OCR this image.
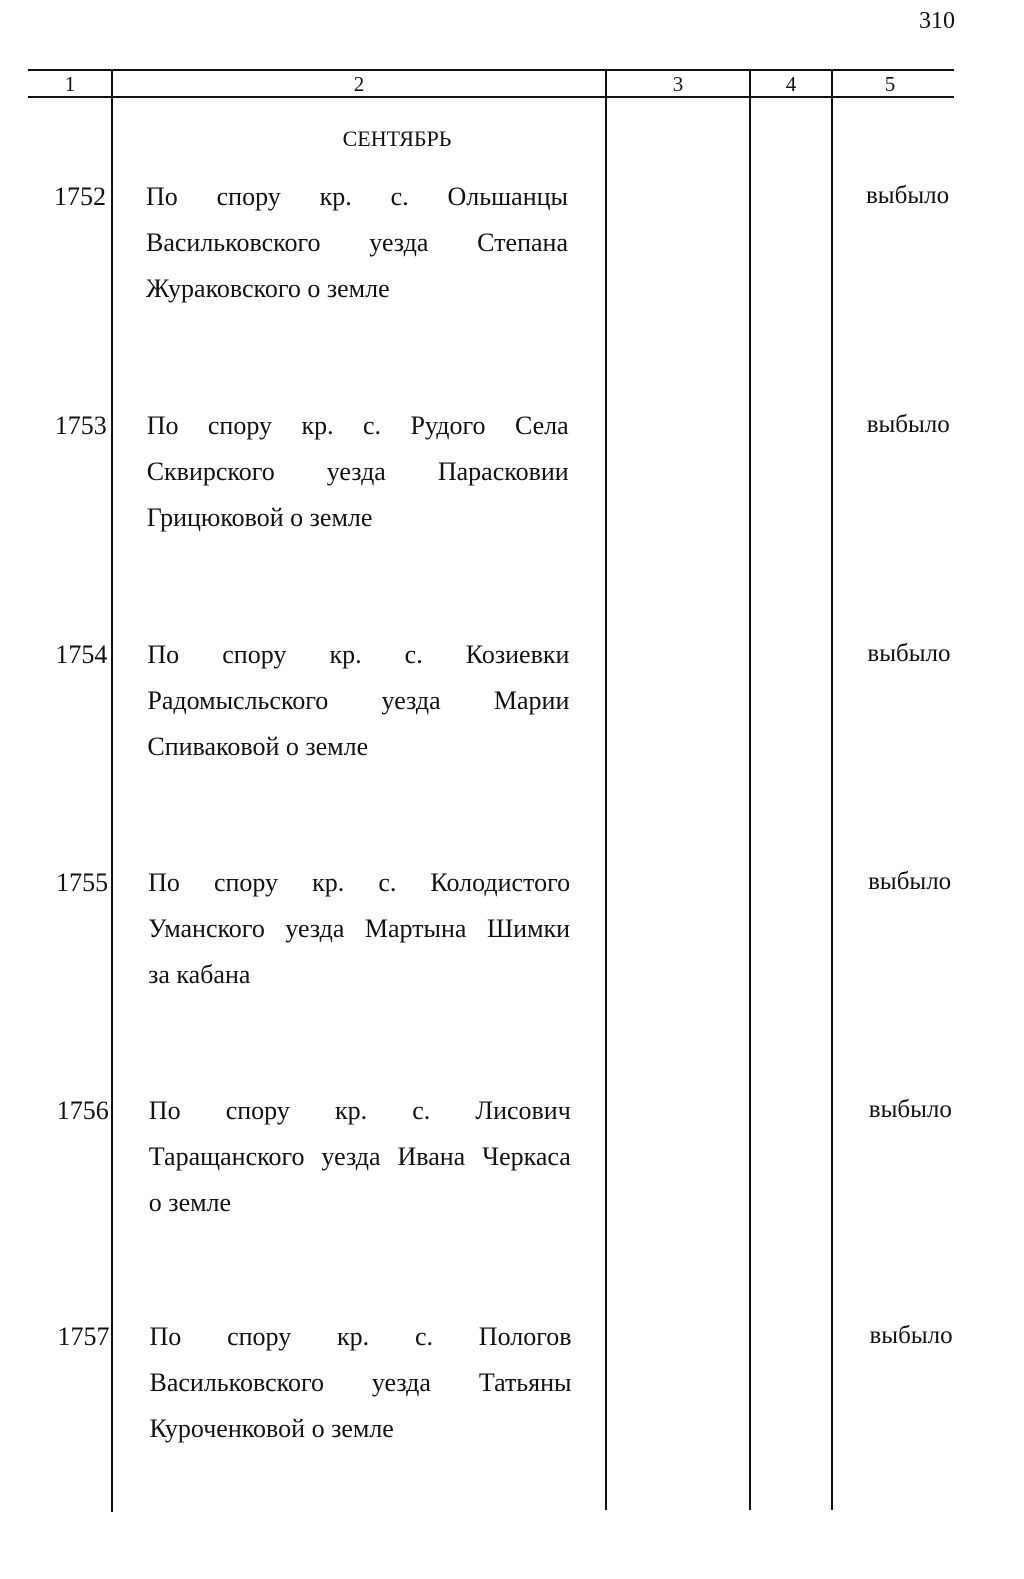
310
1	2	3	4	5
СЕНТЯБРЬ
1752 По спору кр. с. Ольшанцы
Васильковского уезда Степана
Жураковского о земле
выбыло
1753 По спору кр. с. Рудого Села
Сквирского уезда Парасковии
Грицюковой о земле
выбыло
1754 По спору кр. с. Козиевки
Радомысльского уезда Марии
Спиваковой о земле
выбыло
1755 По спору кр. с. Колодистого
Уманского уезда Мартына Шимки
за кабана
выбыло
1756 По спору кр. с. Лисович
Таращанского уезда Ивана Черкаса
о земле
выбыло
1757 По спору кр. с. Пологов
Васильковского уезда Татьяны
Куроченковой о земле
выбыло
